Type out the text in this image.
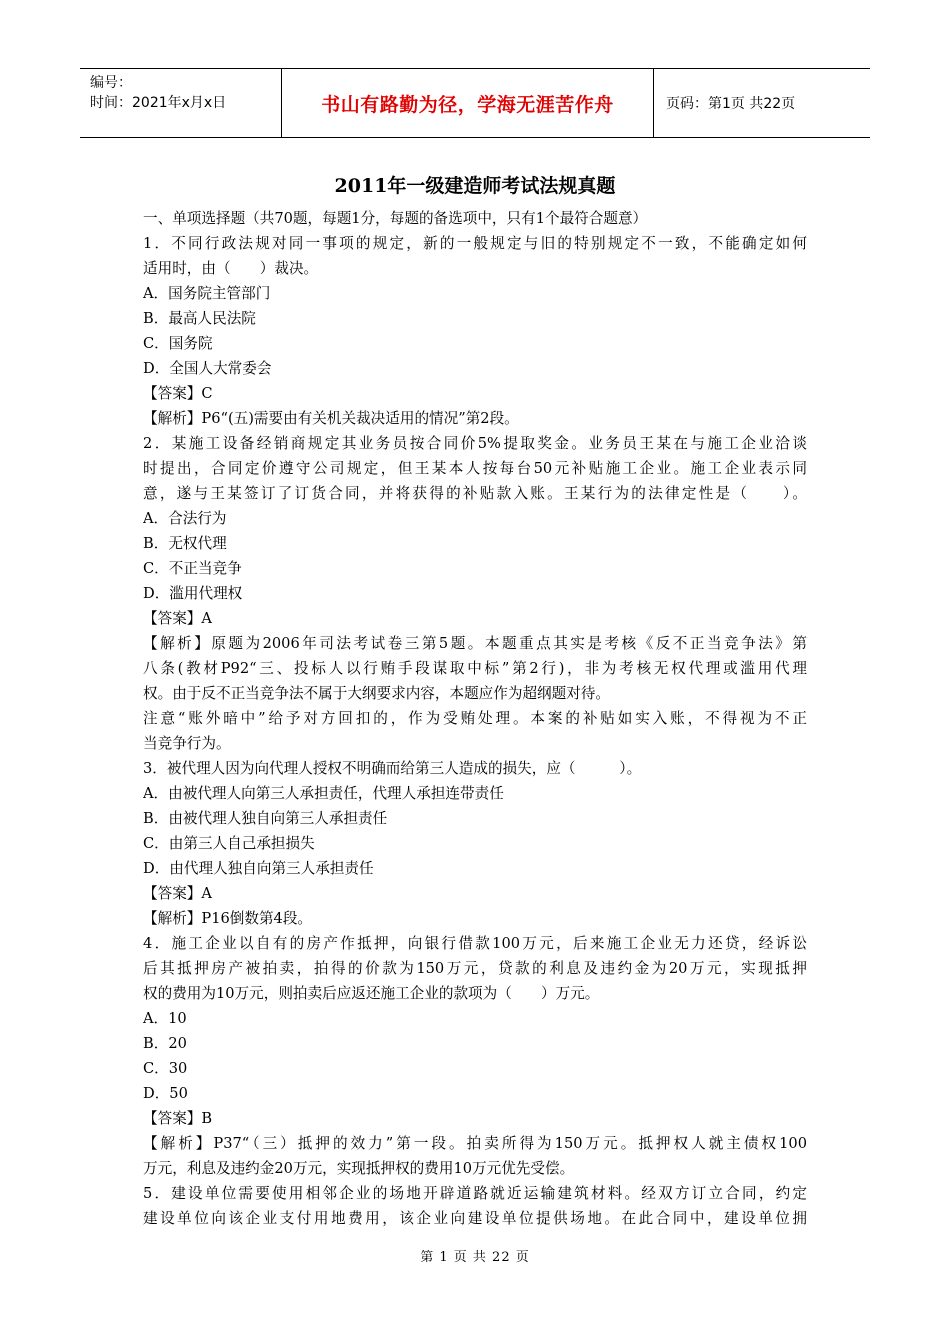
编号：
时间：2021年x月x日	书山有路勤为径，学海无涯苦作舟	页码：第1页 共22页
2011年一级建造师考试法规真题
一、单项选择题（共70题，每题1分，每题的备选项中，只有1个最符合题意）
1．不同行政法规对同一事项的规定，新的一般规定与旧的特别规定不一致，不能确定如何
适用时，由（　　）裁决。
A．国务院主管部门
B．最高人民法院
C．国务院
D．全国人大常委会
【答案】C
【解析】P6“(五)需要由有关机关裁决适用的情况”第2段。
2．某施工设备经销商规定其业务员按合同价5%提取奖金。业务员王某在与施工企业洽谈
时提出，合同定价遵守公司规定，但王某本人按每台50元补贴施工企业。施工企业表示同
意，遂与王某签订了订货合同，并将获得的补贴款入账。王某行为的法律定性是（　　）。
A．合法行为
B．无权代理
C．不正当竞争
D．滥用代理权
【答案】A
【解析】原题为2006年司法考试卷三第5题。本题重点其实是考核《反不正当竞争法》第
八条(教材P92“三、投标人以行贿手段谋取中标”第2行)，非为考核无权代理或滥用代理
权。由于反不正当竞争法不属于大纲要求内容，本题应作为超纲题对待。
注意“账外暗中”给予对方回扣的，作为受贿处理。本案的补贴如实入账，不得视为不正
当竞争行为。
3．被代理人因为向代理人授权不明确而给第三人造成的损失，应（　　　）。
A．由被代理人向第三人承担责任，代理人承担连带责任
B．由被代理人独自向第三人承担责任
C．由第三人自己承担损失
D．由代理人独自向第三人承担责任
【答案】A
【解析】P16倒数第4段。
4．施工企业以自有的房产作抵押，向银行借款100万元，后来施工企业无力还贷，经诉讼
后其抵押房产被拍卖，拍得的价款为150万元，贷款的利息及违约金为20万元，实现抵押
权的费用为10万元，则拍卖后应返还施工企业的款项为（　　）万元。
A．10
B．20
C．30
D．50
【答案】B
【解析】P37“（三）抵押的效力”第一段。拍卖所得为150万元。抵押权人就主债权100
万元，利息及违约金20万元，实现抵押权的费用10万元优先受偿。
5．建设单位需要使用相邻企业的场地开辟道路就近运输建筑材料。经双方订立合同，约定
建设单位向该企业支付用地费用，该企业向建设单位提供场地。在此合同中，建设单位拥
第 1 页 共 22 页
